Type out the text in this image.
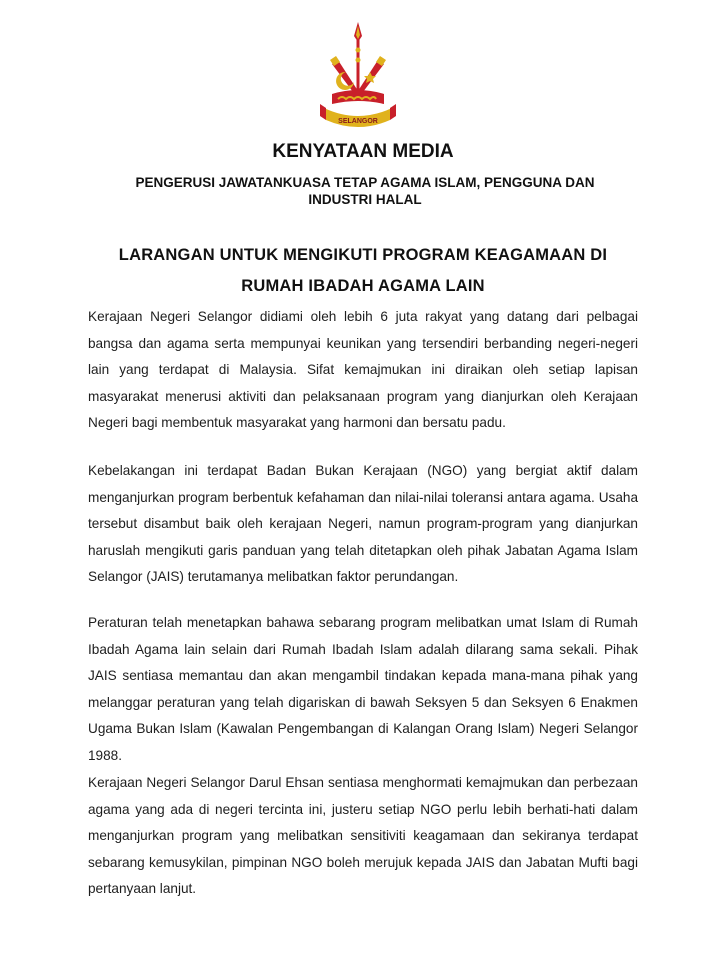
SELANGOR
KENYATAAN MEDIA
PENGERUSI JAWATANKUASA TETAP AGAMA ISLAM, PENGGUNA DAN INDUSTRI HALAL
LARANGAN UNTUK MENGIKUTI PROGRAM KEAGAMAAN DI RUMAH IBADAH AGAMA LAIN

Kerajaan Negeri Selangor didiami oleh lebih 6 juta rakyat yang datang dari pelbagai bangsa dan agama serta mempunyai keunikan yang tersendiri berbanding negeri-negeri lain yang terdapat di Malaysia. Sifat kemajmukan ini diraikan oleh setiap lapisan masyarakat menerusi aktiviti dan pelaksanaan program yang dianjurkan oleh Kerajaan Negeri bagi membentuk masyarakat yang harmoni dan bersatu padu.

Kebelakangan ini terdapat Badan Bukan Kerajaan (NGO) yang bergiat aktif dalam menganjurkan program berbentuk kefahaman dan nilai-nilai toleransi antara agama. Usaha tersebut disambut baik oleh kerajaan Negeri, namun program-program yang dianjurkan haruslah mengikuti garis panduan yang telah ditetapkan oleh pihak Jabatan Agama Islam Selangor (JAIS) terutamanya melibatkan faktor perundangan.

Peraturan telah menetapkan bahawa sebarang program melibatkan umat Islam di Rumah Ibadah Agama lain selain dari Rumah Ibadah Islam adalah dilarang sama sekali. Pihak JAIS sentiasa memantau dan akan mengambil tindakan kepada mana-mana pihak yang melanggar peraturan yang telah digariskan di bawah Seksyen 5 dan Seksyen 6 Enakmen Ugama Bukan Islam (Kawalan Pengembangan di Kalangan Orang Islam) Negeri Selangor 1988.

Kerajaan Negeri Selangor Darul Ehsan sentiasa menghormati kemajmukan dan perbezaan agama yang ada di negeri tercinta ini, justeru setiap NGO perlu lebih berhati-hati dalam menganjurkan program yang melibatkan sensitiviti keagamaan dan sekiranya terdapat sebarang kemusykilan, pimpinan NGO boleh merujuk kepada JAIS dan Jabatan Mufti bagi pertanyaan lanjut.
